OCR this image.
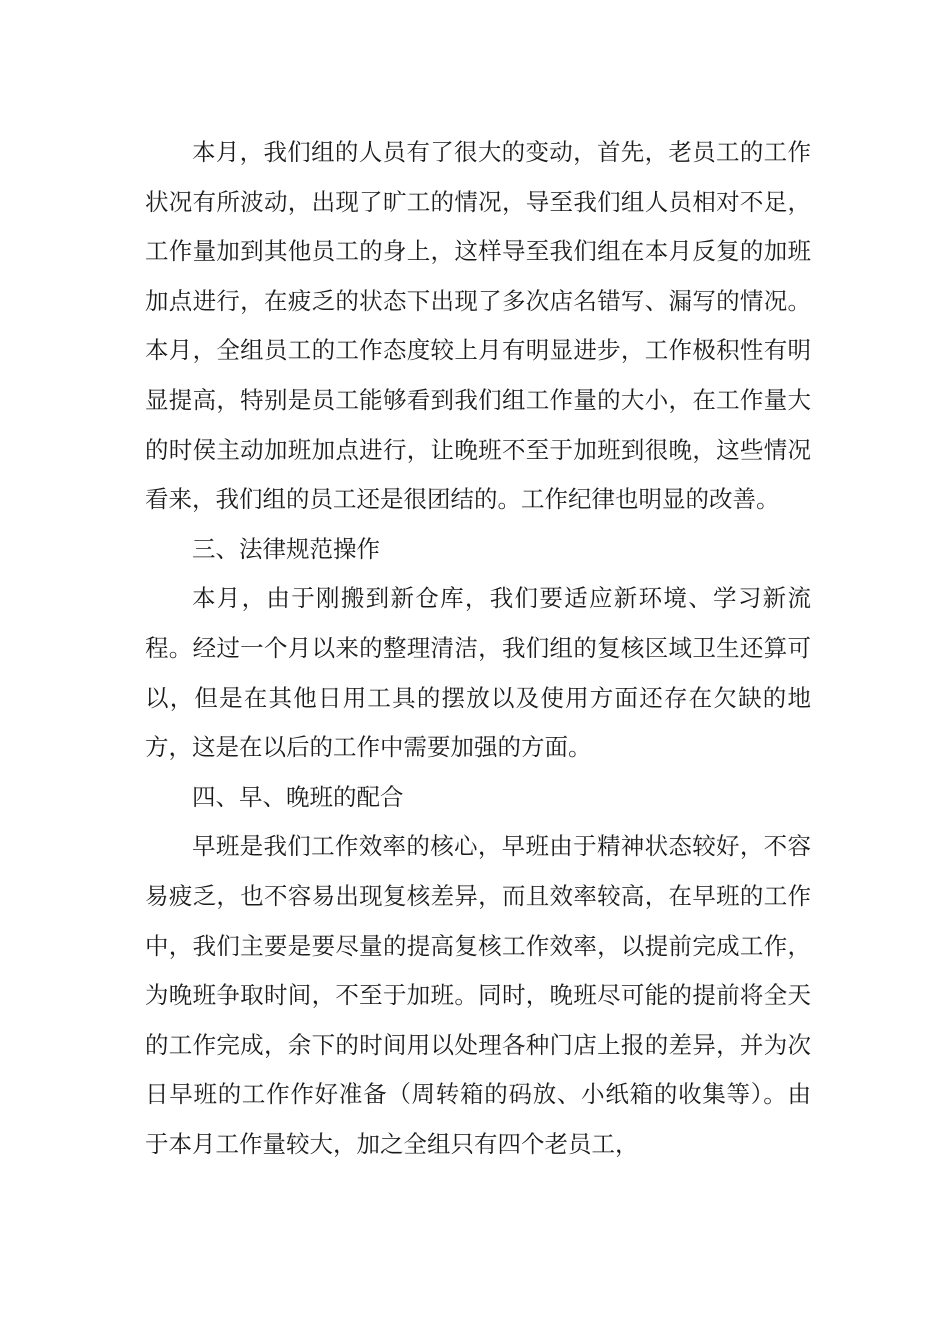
本月，我们组的人员有了很大的变动，首先，老员工的工作状况有所波动，出现了旷工的情况，导至我们组人员相对不足，工作量加到其他员工的身上，这样导至我们组在本月反复的加班加点进行，在疲乏的状态下出现了多次店名错写、漏写的情况。本月，全组员工的工作态度较上月有明显进步，工作极积性有明显提高，特别是员工能够看到我们组工作量的大小，在工作量大的时侯主动加班加点进行，让晚班不至于加班到很晚，这些情况看来，我们组的员工还是很团结的。工作纪律也明显的改善。

三、法律规范操作

本月，由于刚搬到新仓库，我们要适应新环境、学习新流程。经过一个月以来的整理清洁，我们组的复核区域卫生还算可以，但是在其他日用工具的摆放以及使用方面还存在欠缺的地方，这是在以后的工作中需要加强的方面。

四、早、晚班的配合

早班是我们工作效率的核心，早班由于精神状态较好，不容易疲乏，也不容易出现复核差异，而且效率较高，在早班的工作中，我们主要是要尽量的提高复核工作效率，以提前完成工作，为晚班争取时间，不至于加班。同时，晚班尽可能的提前将全天的工作完成，余下的时间用以处理各种门店上报的差异，并为次日早班的工作作好准备（周转箱的码放、小纸箱的收集等）。由于本月工作量较大，加之全组只有四个老员工，
